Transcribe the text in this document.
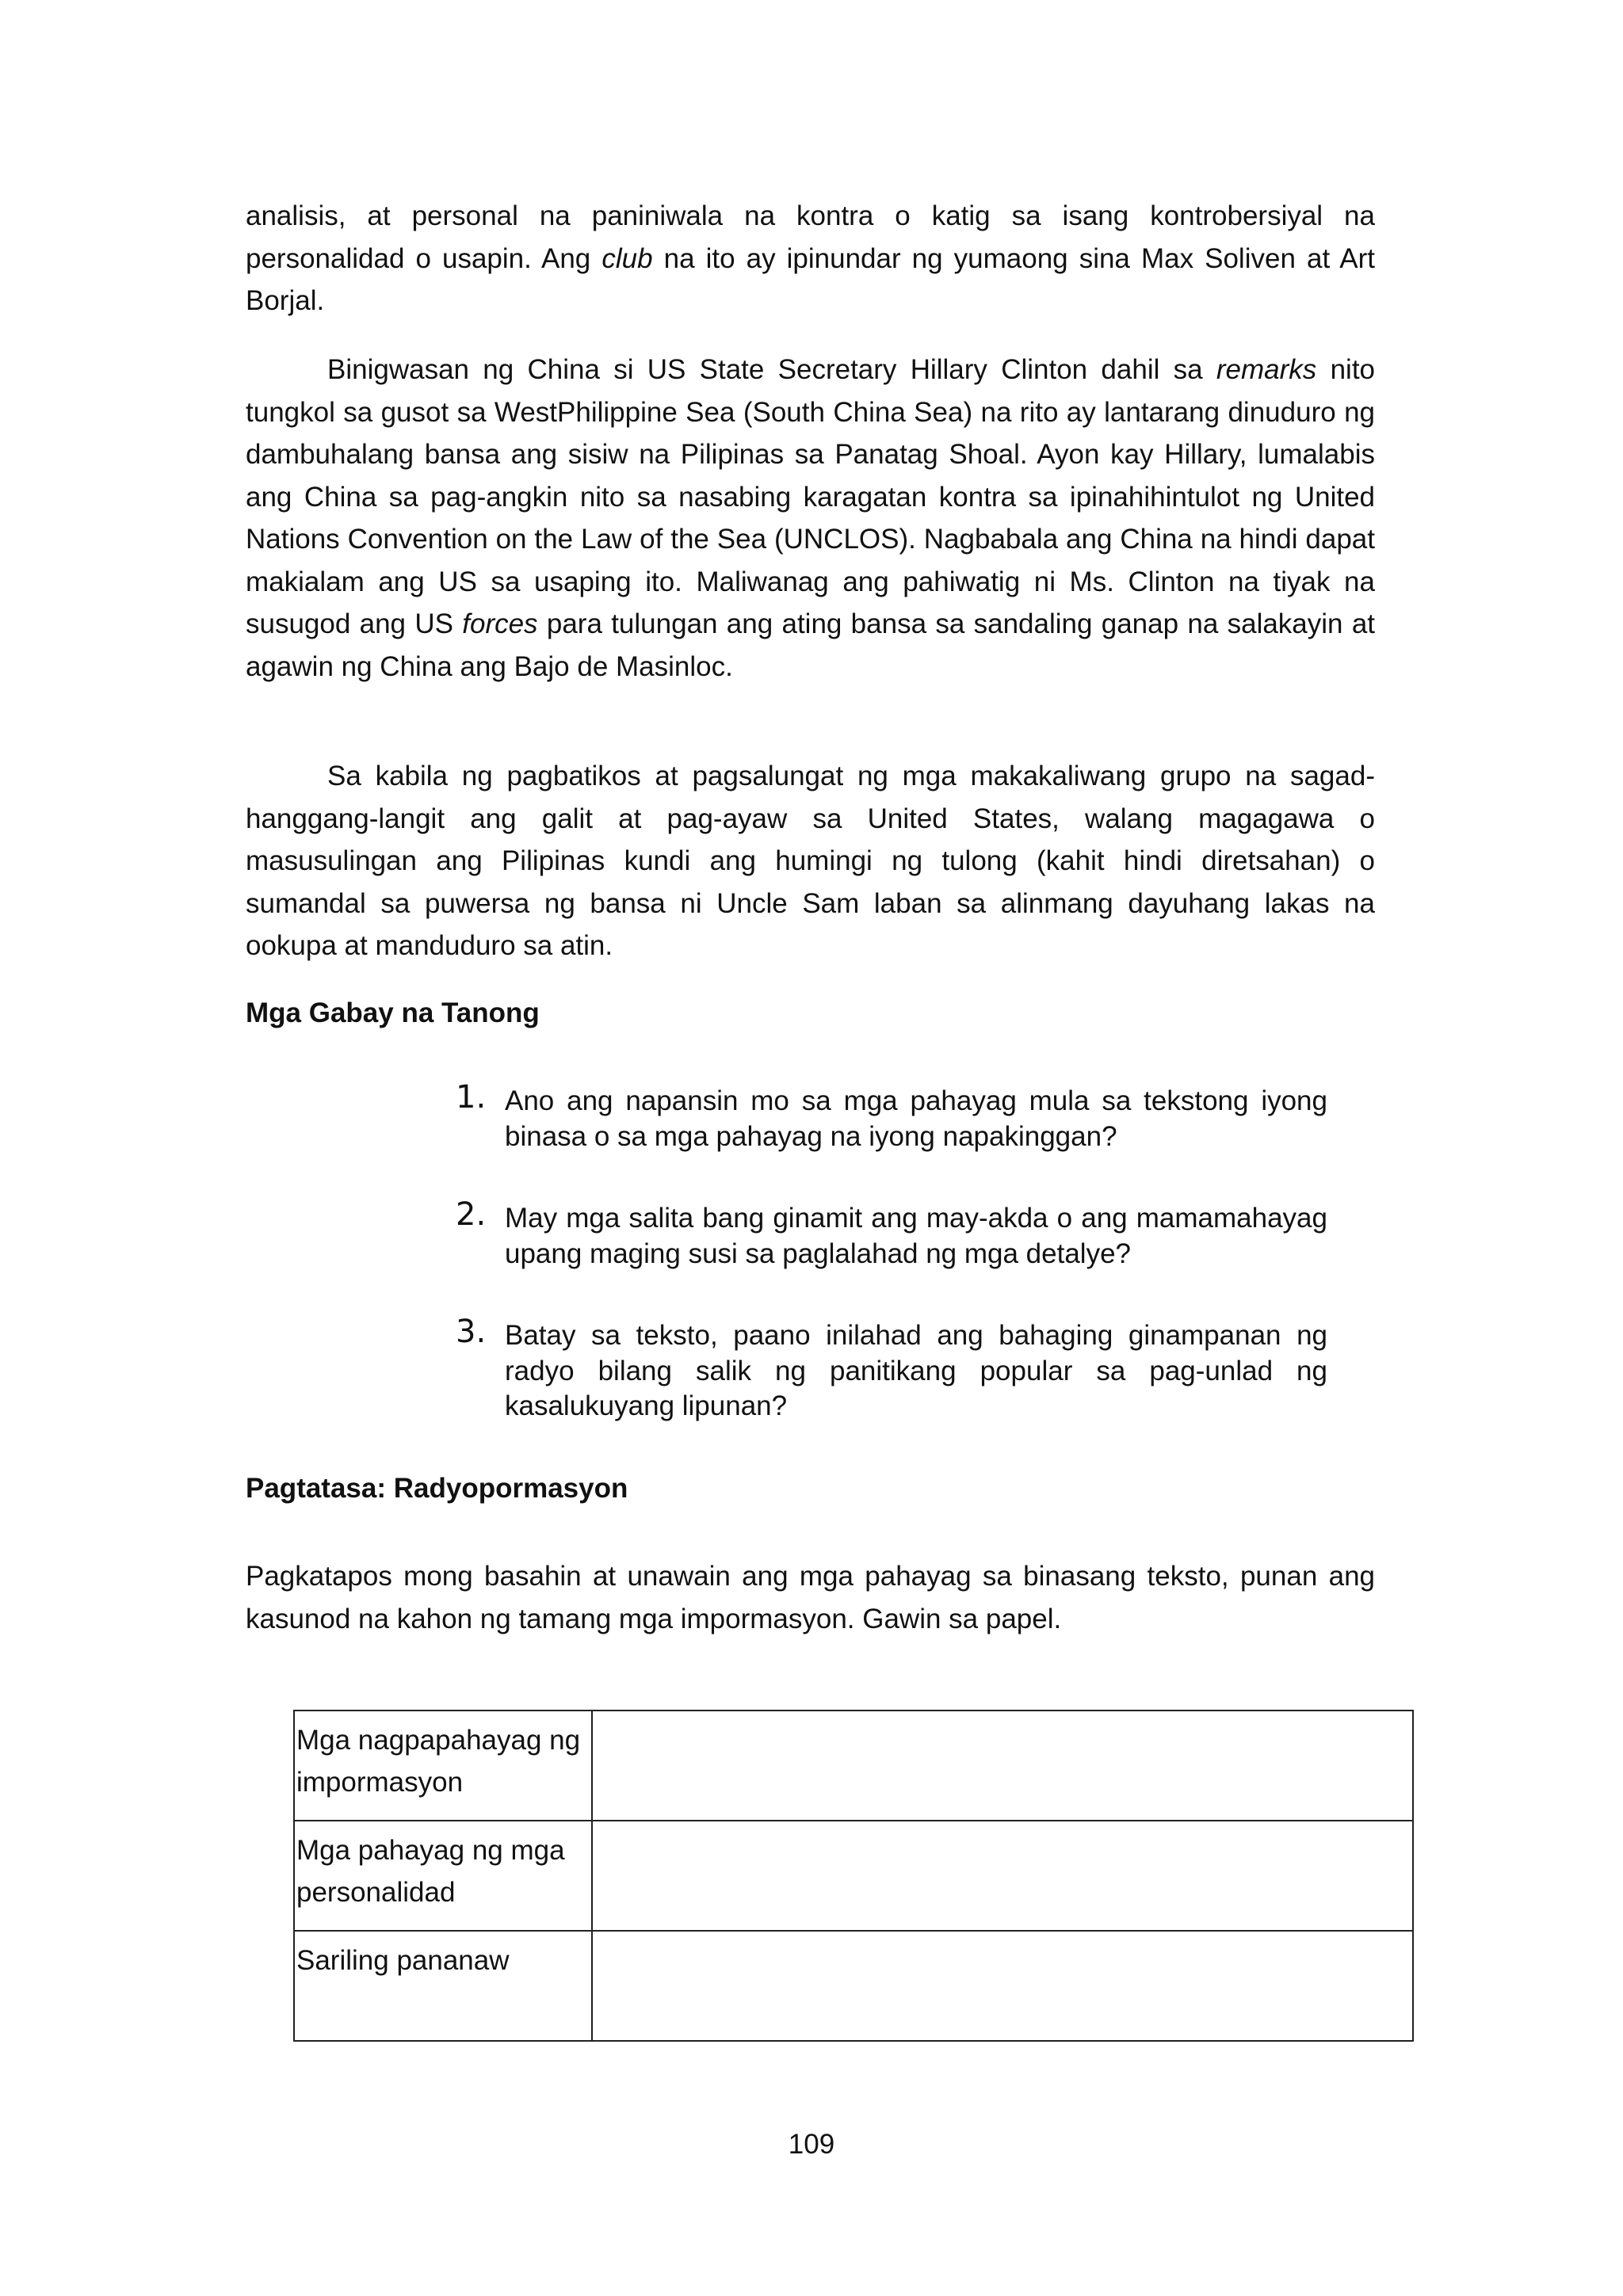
analisis, at personal na paniniwala na kontra o katig sa isang kontrobersiyal na personalidad o usapin. Ang club na ito ay ipinundar ng yumaong sina Max Soliven at Art Borjal.

Binigwasan ng China si US State Secretary Hillary Clinton dahil sa remarks nito tungkol sa gusot sa WestPhilippine Sea (South China Sea) na rito ay lantarang dinuduro ng dambuhalang bansa ang sisiw na Pilipinas sa Panatag Shoal. Ayon kay Hillary, lumalabis ang China sa pag-angkin nito sa nasabing karagatan kontra sa ipinahihintulot ng United Nations Convention on the Law of the Sea (UNCLOS). Nagbabala ang China na hindi dapat makialam ang US sa usaping ito. Maliwanag ang pahiwatig ni Ms. Clinton na tiyak na susugod ang US forces para tulungan ang ating bansa sa sandaling ganap na salakayin at agawin ng China ang Bajo de Masinloc.

Sa kabila ng pagbatikos at pagsalungat ng mga makakaliwang grupo na sagad-hanggang-langit ang galit at pag-ayaw sa United States, walang magagawa o masusulingan ang Pilipinas kundi ang humingi ng tulong (kahit hindi diretsahan) o sumandal sa puwersa ng bansa ni Uncle Sam laban sa alinmang dayuhang lakas na ookupa at manduduro sa atin.

Mga Gabay na Tanong
1. Ano ang napansin mo sa mga pahayag mula sa tekstong iyong binasa o sa mga pahayag na iyong napakinggan?
2. May mga salita bang ginamit ang may-akda o ang mamamahayag upang maging susi sa paglalahad ng mga detalye?
3. Batay sa teksto, paano inilahad ang bahaging ginampanan ng radyo bilang salik ng panitikang popular sa pag-unlad ng kasalukuyang lipunan?
Pagtatasa: Radyopormasyon

Pagkatapos mong basahin at unawain ang mga pahayag sa binasang teksto, punan ang kasunod na kahon ng tamang mga impormasyon. Gawin sa papel.

Mga nagpapahayag ng impormasyon	
Mga pahayag ng mga personalidad	
Sariling pananaw	
109
